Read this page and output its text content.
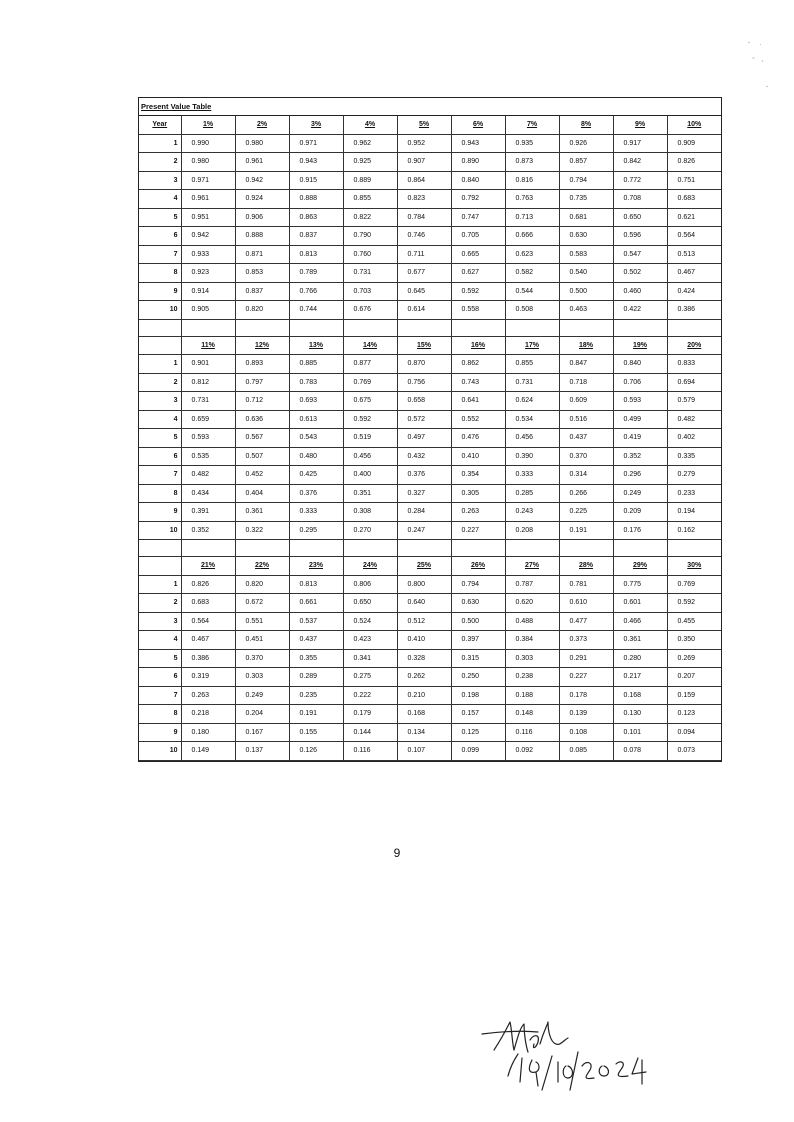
Present Value Table
Year	1%	2%	3%	4%	5%	6%	7%	8%	9%	10%
1	0.990	0.980	0.971	0.962	0.952	0.943	0.935	0.926	0.917	0.909
2	0.980	0.961	0.943	0.925	0.907	0.890	0.873	0.857	0.842	0.826
3	0.971	0.942	0.915	0.889	0.864	0.840	0.816	0.794	0.772	0.751
4	0.961	0.924	0.888	0.855	0.823	0.792	0.763	0.735	0.708	0.683
5	0.951	0.906	0.863	0.822	0.784	0.747	0.713	0.681	0.650	0.621
6	0.942	0.888	0.837	0.790	0.746	0.705	0.666	0.630	0.596	0.564
7	0.933	0.871	0.813	0.760	0.711	0.665	0.623	0.583	0.547	0.513
8	0.923	0.853	0.789	0.731	0.677	0.627	0.582	0.540	0.502	0.467
9	0.914	0.837	0.766	0.703	0.645	0.592	0.544	0.500	0.460	0.424
10	0.905	0.820	0.744	0.676	0.614	0.558	0.508	0.463	0.422	0.386

	11%	12%	13%	14%	15%	16%	17%	18%	19%	20%
1	0.901	0.893	0.885	0.877	0.870	0.862	0.855	0.847	0.840	0.833
2	0.812	0.797	0.783	0.769	0.756	0.743	0.731	0.718	0.706	0.694
3	0.731	0.712	0.693	0.675	0.658	0.641	0.624	0.609	0.593	0.579
4	0.659	0.636	0.613	0.592	0.572	0.552	0.534	0.516	0.499	0.482
5	0.593	0.567	0.543	0.519	0.497	0.476	0.456	0.437	0.419	0.402
6	0.535	0.507	0.480	0.456	0.432	0.410	0.390	0.370	0.352	0.335
7	0.482	0.452	0.425	0.400	0.376	0.354	0.333	0.314	0.296	0.279
8	0.434	0.404	0.376	0.351	0.327	0.305	0.285	0.266	0.249	0.233
9	0.391	0.361	0.333	0.308	0.284	0.263	0.243	0.225	0.209	0.194
10	0.352	0.322	0.295	0.270	0.247	0.227	0.208	0.191	0.176	0.162

	21%	22%	23%	24%	25%	26%	27%	28%	29%	30%
1	0.826	0.820	0.813	0.806	0.800	0.794	0.787	0.781	0.775	0.769
2	0.683	0.672	0.661	0.650	0.640	0.630	0.620	0.610	0.601	0.592
3	0.564	0.551	0.537	0.524	0.512	0.500	0.488	0.477	0.466	0.455
4	0.467	0.451	0.437	0.423	0.410	0.397	0.384	0.373	0.361	0.350
5	0.386	0.370	0.355	0.341	0.328	0.315	0.303	0.291	0.280	0.269
6	0.319	0.303	0.289	0.275	0.262	0.250	0.238	0.227	0.217	0.207
7	0.263	0.249	0.235	0.222	0.210	0.198	0.188	0.178	0.168	0.159
8	0.218	0.204	0.191	0.179	0.168	0.157	0.148	0.139	0.130	0.123
9	0.180	0.167	0.155	0.144	0.134	0.125	0.116	0.108	0.101	0.094
10	0.149	0.137	0.126	0.116	0.107	0.099	0.092	0.085	0.078	0.073
9
